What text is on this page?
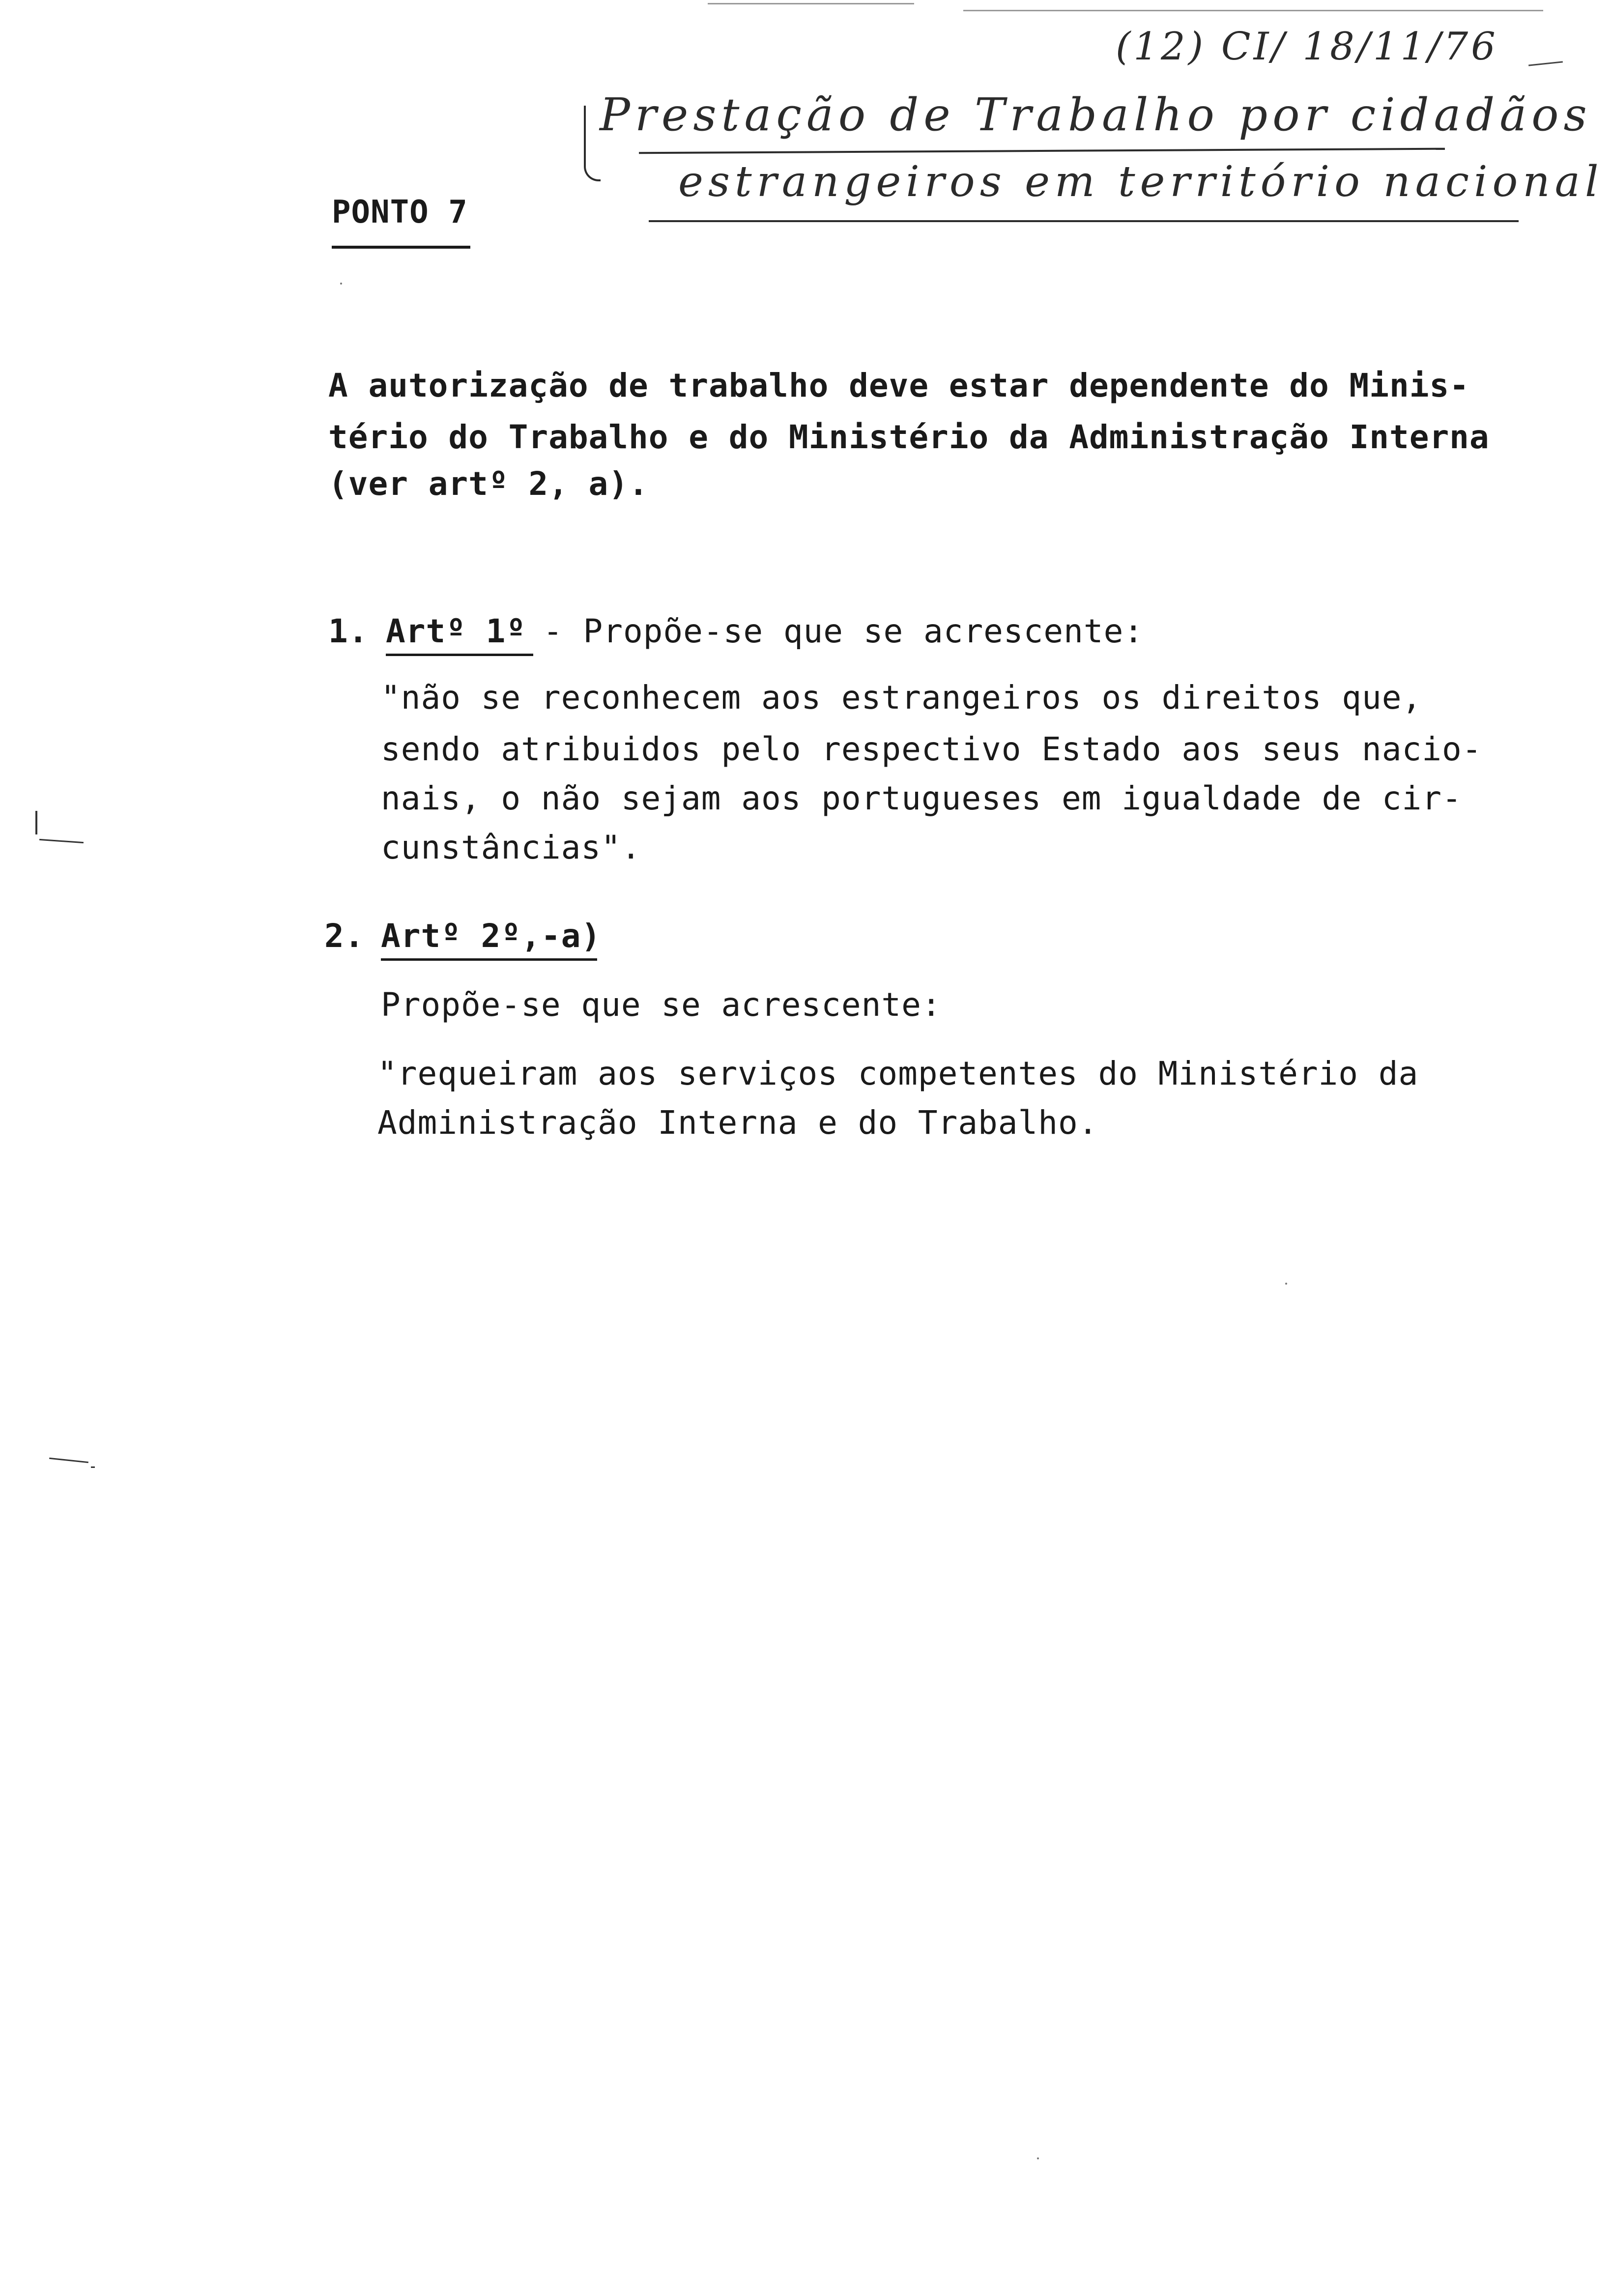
(12) CI/ 18/11/76
Prestação de Trabalho por cidadãos
estrangeiros em território nacional
PONTO 7
A autorização de trabalho deve estar dependente do Minis-
tério do Trabalho e do Ministério da Administração Interna
(ver artº 2, a).
1. Artº 1º - Propõe-se que se acrescente:
"não se reconhecem aos estrangeiros os direitos que,
sendo atribuidos pelo respectivo Estado aos seus nacio-
nais, o não sejam aos portugueses em igualdade de cir-
cunstâncias".
2. Artº 2º,-a)
Propõe-se que se acrescente:
"requeiram aos serviços competentes do Ministério da
Administração Interna e do Trabalho.
